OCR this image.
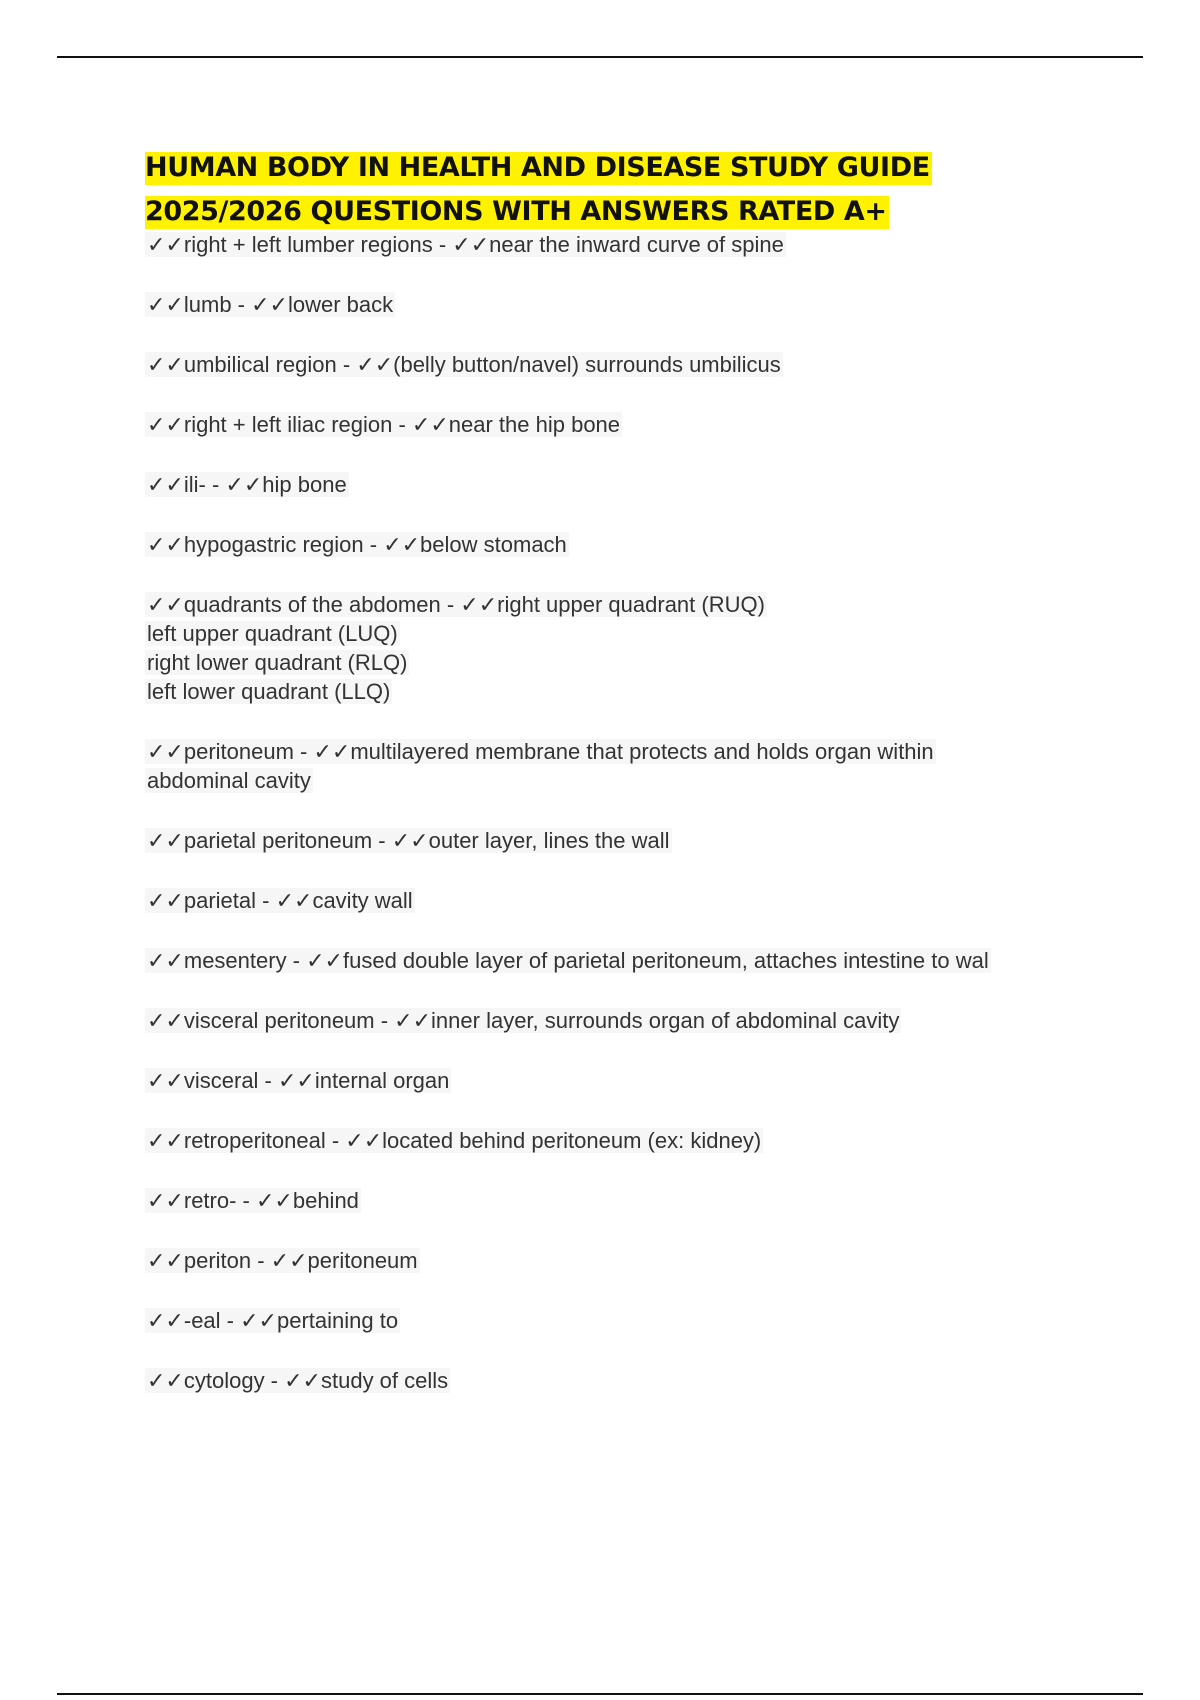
HUMAN BODY IN HEALTH AND DISEASE STUDY GUIDE
2025/2026 QUESTIONS WITH ANSWERS RATED A+
✓✓right + left lumber regions - ✓✓near the inward curve of spine
✓✓lumb - ✓✓lower back
✓✓umbilical region - ✓✓(belly button/navel) surrounds umbilicus
✓✓right + left iliac region - ✓✓near the hip bone
✓✓ili- - ✓✓hip bone
✓✓hypogastric region - ✓✓below stomach
✓✓quadrants of the abdomen - ✓✓right upper quadrant (RUQ)
left upper quadrant (LUQ)
right lower quadrant (RLQ)
left lower quadrant (LLQ)
✓✓peritoneum - ✓✓multilayered membrane that protects and holds organ within
abdominal cavity
✓✓parietal peritoneum - ✓✓outer layer, lines the wall
✓✓parietal - ✓✓cavity wall
✓✓mesentery - ✓✓fused double layer of parietal peritoneum, attaches intestine to wal
✓✓visceral peritoneum - ✓✓inner layer, surrounds organ of abdominal cavity
✓✓visceral - ✓✓internal organ
✓✓retroperitoneal - ✓✓located behind peritoneum (ex: kidney)
✓✓retro- - ✓✓behind
✓✓periton - ✓✓peritoneum
✓✓-eal - ✓✓pertaining to
✓✓cytology - ✓✓study of cells
